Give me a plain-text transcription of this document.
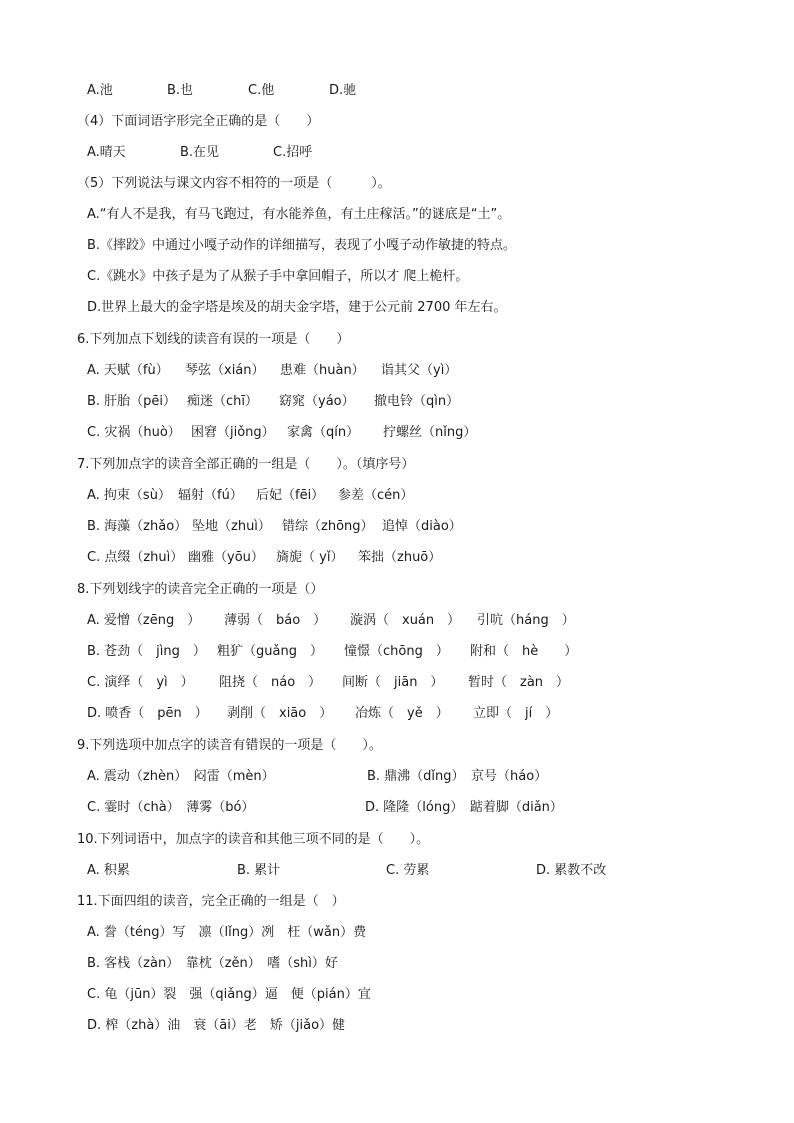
A.池	B.也	C.他	D.驰
（4）下面词语字形完全正确的是（　　）
A.晴天	B.在见	C.招呼
（5）下列说法与课文内容不相符的一项是（　　　）。
A.“有人不是我，有马飞跑过，有水能养鱼，有土庄稼活。”的谜底是“土”。
B.《摔跤》中通过小嘎子动作的详细描写，表现了小嘎子动作敏捷的特点。
C.《跳水》中孩子是为了从猴子手中拿回帽子，所以才 爬上桅杆。
D.世界上最大的金字塔是埃及的胡夫金字塔，建于公元前 2700 年左右。
6.下列加点下划线的读音有误的一项是（　　）
A. 天赋（fù） 琴弦（xián） 患难（huàn） 诣其父（yì）
B. 肝胎（pēi） 痴迷（chī） 窈窕（yáo） 撤电铃（qìn）
C. 灾祸（huò） 困窘（jiǒng） 家禽（qín） 拧螺丝（nǐng）
7.下列加点字的读音全部正确的一组是（　　）。（填序号）
A. 拘束（sù） 辐射（fú） 后妃（fēi） 参差（cén）
B. 海藻（zhǎo） 坠地（zhuì） 错综（zhōng） 追悼（diào）
C. 点缀（zhuì） 幽雅（yōu） 旖旎（ yǐ） 笨拙（zhuō）
8.下列划线字的读音完全正确的一项是（）
A. 爱憎（zēng　） 薄弱（　báo　） 漩涡（　xuán　） 引吭（háng　）
B. 苍劲（　jìng　） 粗犷（guǎng　） 憧憬（chōng　） 附和（　hè　　）
C. 演绎（　yì　） 阻挠（　náo　） 间断（　jiān　） 暂时（　zàn　）
D. 喷香（　pēn　） 剥削（　xiāo　） 冶炼（　yě　） 立即（　jí　）
9.下列选项中加点字的读音有错误的一项是（　　）。
A. 震动（zhèn）　闷雷（mèn）	B. 鼎沸（dǐng）　京号（háo）
C. 霎时（chà）　薄雾（bó）	D. 隆隆（lóng）　踮着脚（diǎn）
10.下列词语中，加点字的读音和其他三项不同的是（　　）。
A. 积累	B. 累计	C. 劳累	D. 累教不改
11.下面四组的读音，完全正确的一组是（　）
A. 誊（téng）写　凛（lǐng）冽　枉（wǎn）费
B. 客栈（zàn）　靠枕（zěn）　嗜（shì）好
C. 龟（jūn）裂　强（qiǎng）逼　便（pián）宜
D. 榨（zhà）油　衰（āi）老　矫（jiǎo）健
